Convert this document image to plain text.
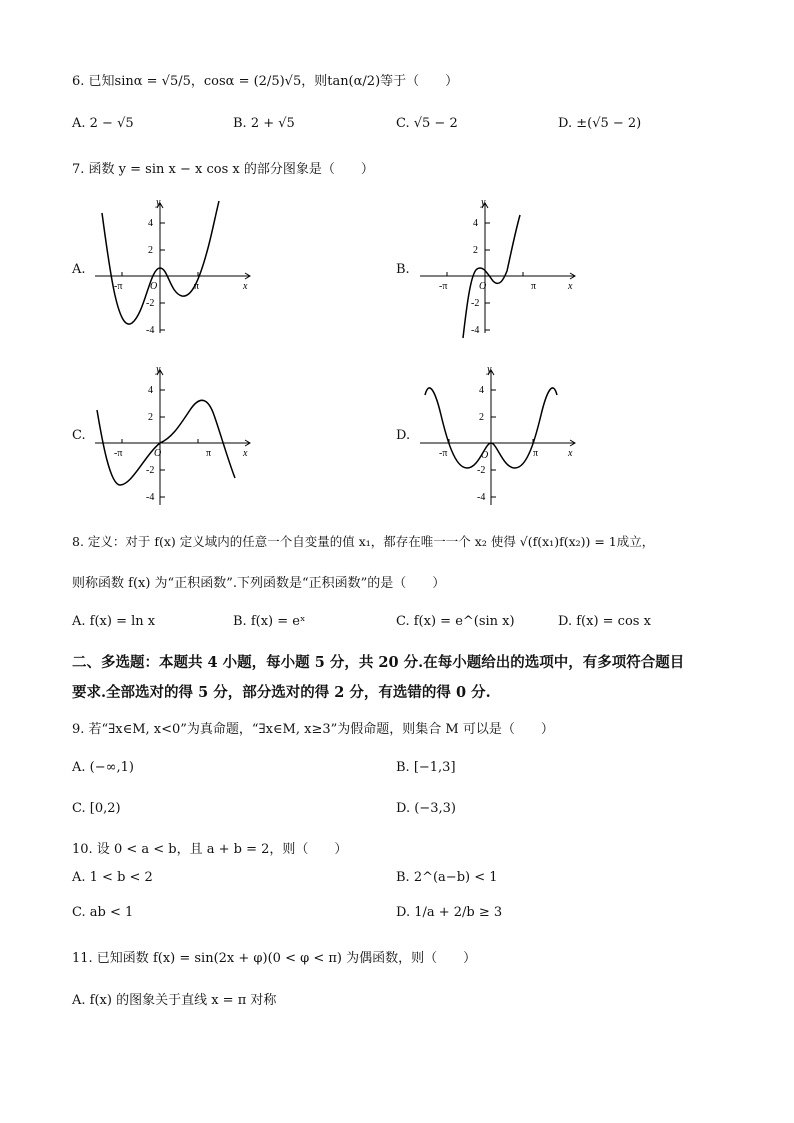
6. 已知sinα = √5/5，cosα = (2/5)√5，则tan(α/2)等于（　　）
A. 2 − √5	B. 2 + √5	C. √5 − 2	D. ±(√5 − 2)
7. 函数 y = sin x − x cos x 的部分图象是（　　）
A.
y
x
O
4
2
-2
-4
-π	π
B.
y
x
O
4
2
-2
-4
-π	π
C.
y
x
O
4
2
-2
-4
-π	π
D.
y
x
O
4
2
-2
-4
-π	π
8. 定义：对于 f(x) 定义域内的任意一个自变量的值 x₁，都存在唯一一个 x₂ 使得 √(f(x₁)f(x₂)) = 1成立，
则称函数 f(x) 为“正积函数”.下列函数是“正积函数”的是（　　）
A. f(x) = ln x	B. f(x) = eˣ	C. f(x) = e^(sin x)	D. f(x) = cos x
二、多选题：本题共 4 小题，每小题 5 分，共 20 分.在每小题给出的选项中，有多项符合题目
要求.全部选对的得 5 分，部分选对的得 2 分，有选错的得 0 分.
9. 若“∃x∈M, x<0”为真命题，“∃x∈M, x≥3”为假命题，则集合 M 可以是（　　）
A. (−∞,1)	B. [−1,3]
C. [0,2)	D. (−3,3)
10. 设 0 < a < b，且 a + b = 2，则（　　）
A. 1 < b < 2	B. 2^(a−b) < 1
C. ab < 1	D. 1/a + 2/b ≥ 3
11. 已知函数 f(x) = sin(2x + φ)(0 < φ < π) 为偶函数，则（　　）
A. f(x) 的图象关于直线 x = π 对称
